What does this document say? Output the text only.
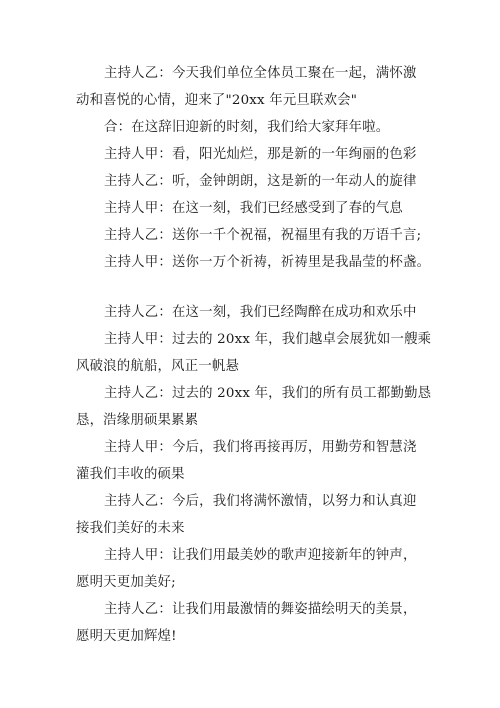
主持人乙：今天我们单位全体员工聚在一起，满怀激
动和喜悦的心情，迎来了"20xx 年元旦联欢会"
合：在这辞旧迎新的时刻，我们给大家拜年啦。
主持人甲：看，阳光灿烂，那是新的一年绚丽的色彩
主持人乙：听，金钟朗朗，这是新的一年动人的旋律
主持人甲：在这一刻，我们已经感受到了春的气息
主持人乙：送你一千个祝福，祝福里有我的万语千言;
主持人甲：送你一万个祈祷，祈祷里是我晶莹的杯盏。
主持人乙：在这一刻，我们已经陶醉在成功和欢乐中
主持人甲：过去的 20xx 年，我们越卓会展犹如一艘乘
风破浪的航船，风正一帆悬
主持人乙：过去的 20xx 年，我们的所有员工都勤勤恳
恳，浩缘朋硕果累累
主持人甲：今后，我们将再接再厉，用勤劳和智慧浇
灌我们丰收的硕果
主持人乙：今后，我们将满怀激情，以努力和认真迎
接我们美好的未来
主持人甲：让我们用最美妙的歌声迎接新年的钟声，
愿明天更加美好;
主持人乙：让我们用最激情的舞姿描绘明天的美景，
愿明天更加辉煌!
